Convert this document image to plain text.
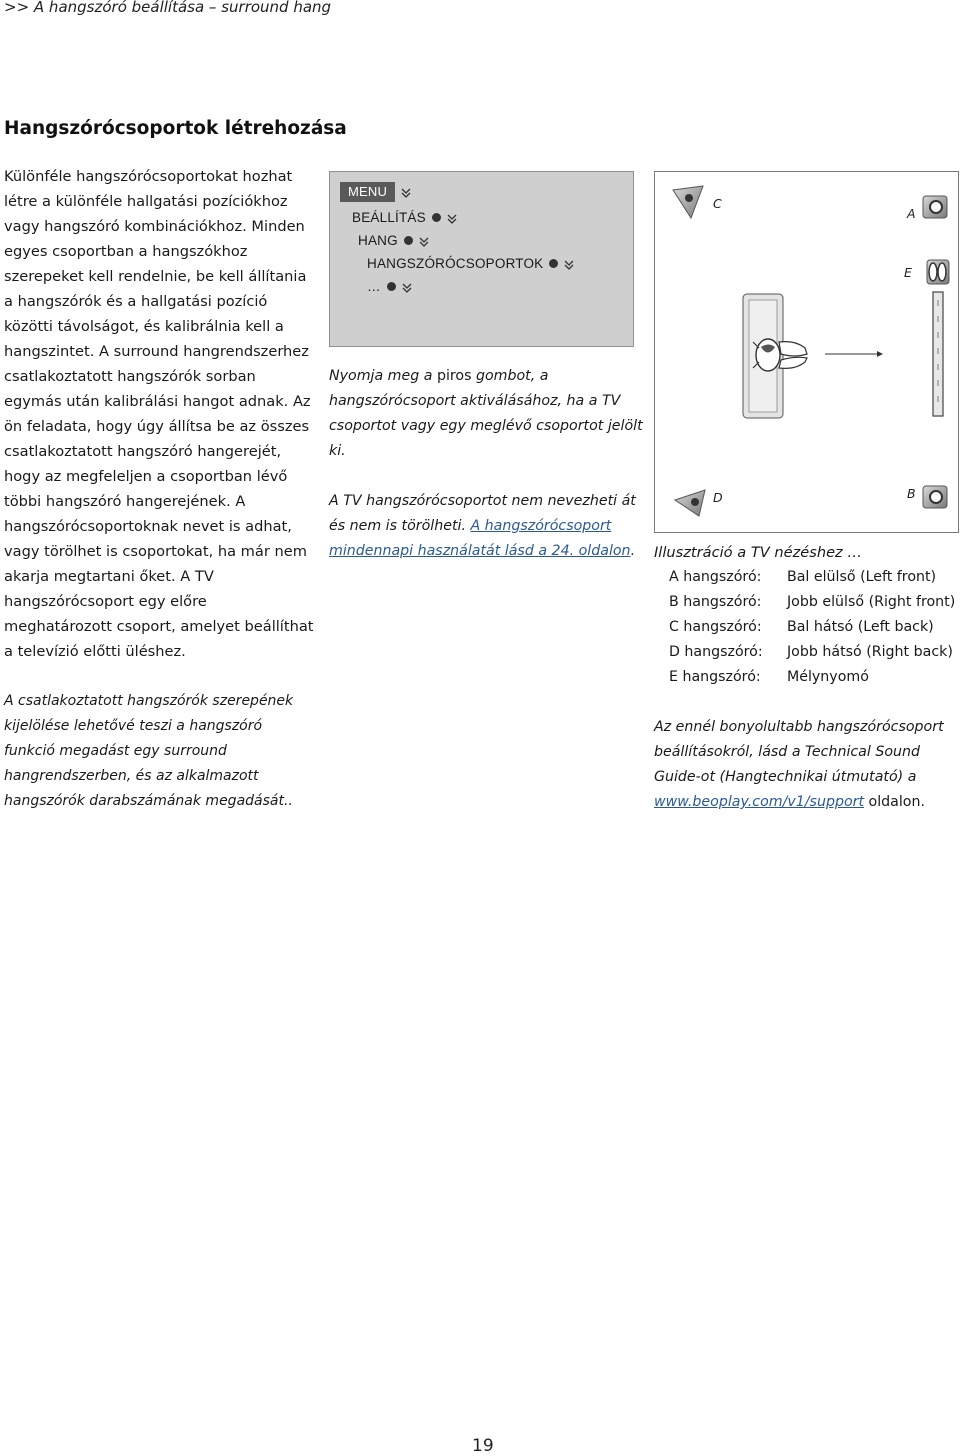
>> A hangszóró beállítása – surround hang
Hangszórócsoportok létrehozása

Különféle hangszórócsoportokat hozhat létre a különféle hallgatási pozíciókhoz vagy hangszóró kombinációkhoz. Minden egyes csoportban a hangszókhoz szerepeket kell rendelnie, be kell állítania a hangszórók és a hallgatási pozíció közötti távolságot, és kalibrálnia kell a hangszintet. A surround hangrendszerhez csatlakoztatott hangszórók sorban egymás után kalibrálási hangot adnak. Az ön feladata, hogy úgy állítsa be az összes csatlakoztatott hangszóró hangerejét, hogy az megfeleljen a csoportban lévő többi hangszóró hangerejének. A hangszórócsoportoknak nevet is adhat, vagy törölhet is csoportokat, ha már nem akarja megtartani őket. A TV hangszórócsoport egy előre meghatározott csoport, amelyet beállíthat a televízió előtti üléshez.

A csatlakoztatott hangszórók szerepének kijelölése lehetővé teszi a hangszóró funkció megadást egy surround hangrendszerben, és az alkalmazott hangszórók darabszámának megadását..

MENU
BEÁLLÍTÁS
HANG
HANGSZÓRÓCSOPORTOK
…

Nyomja meg a piros gombot, a hangszórócsoport aktiválásához, ha a TV csoportot vagy egy meglévő csoportot jelölt ki.

A TV hangszórócsoportot nem nevezheti át és nem is törölheti. A hangszórócsoport mindennapi használatát lásd a 24. oldalon.

C
A
E
D	B

Illusztráció a TV nézéshez …

A hangszóró:	Bal elülső (Left front)
B hangszóró:	Jobb elülső (Right front)
C hangszóró:	Bal hátsó (Left back)
D hangszóró:	Jobb hátsó (Right back)
E hangszóró:	Mélynyomó

Az ennél bonyolultabb hangszórócsoport beállításokról, lásd a Technical Sound Guide-ot (Hangtechnikai útmutató) a www.beoplay.com/v1/support oldalon.

19
